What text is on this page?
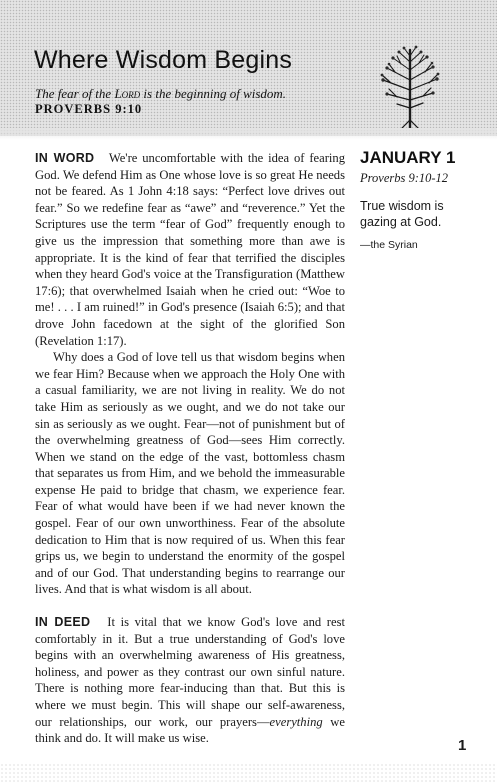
Where Wisdom Begins
The fear of the Lord is the beginning of wisdom.
PROVERBS 9:10

IN WORD We're uncomfortable with the idea of fearing God. We defend Him as One whose love is so great He needs not be feared. As 1 John 4:18 says: “Perfect love drives out fear.” So we redefine fear as “awe” and “reverence.” Yet the Scriptures use the term “fear of God” frequently enough to give us the impression that something more than awe is appropriate. It is the kind of fear that terrified the disciples when they heard God's voice at the Transfiguration (Matthew 17:6); that overwhelmed Isaiah when he cried out: “Woe to me! . . . I am ruined!” in God's presence (Isaiah 6:5); and that drove John facedown at the sight of the glorified Son (Revelation 1:17).

Why does a God of love tell us that wisdom begins when we fear Him? Because when we approach the Holy One with a casual familiarity, we are not living in reality. We do not take Him as seriously as we ought, and we do not take our sin as seriously as we ought. Fear—not of punishment but of the overwhelming greatness of God—sees Him correctly. When we stand on the edge of the vast, bottomless chasm that separates us from Him, and we behold the immeasurable expense He paid to bridge that chasm, we experience fear. Fear of what would have been if we had never known the gospel. Fear of our own unworthiness. Fear of the absolute dedication to Him that is now required of us. When this fear grips us, we begin to understand the enormity of the gospel and of our God. That understanding begins to rearrange our lives. And that is what wisdom is all about.

IN DEED It is vital that we know God's love and rest comfortably in it. But a true understanding of God's love begins with an overwhelming awareness of His greatness, holiness, and power as they contrast our own sinful nature. There is nothing more fear-inducing than that. But this is where we must begin. This will shape our self-awareness, our relationships, our work, our prayers—everything we think and do. It will make us wise.

JANUARY 1
Proverbs 9:10-12
True wisdom is gazing at God.
—the Syrian
1
